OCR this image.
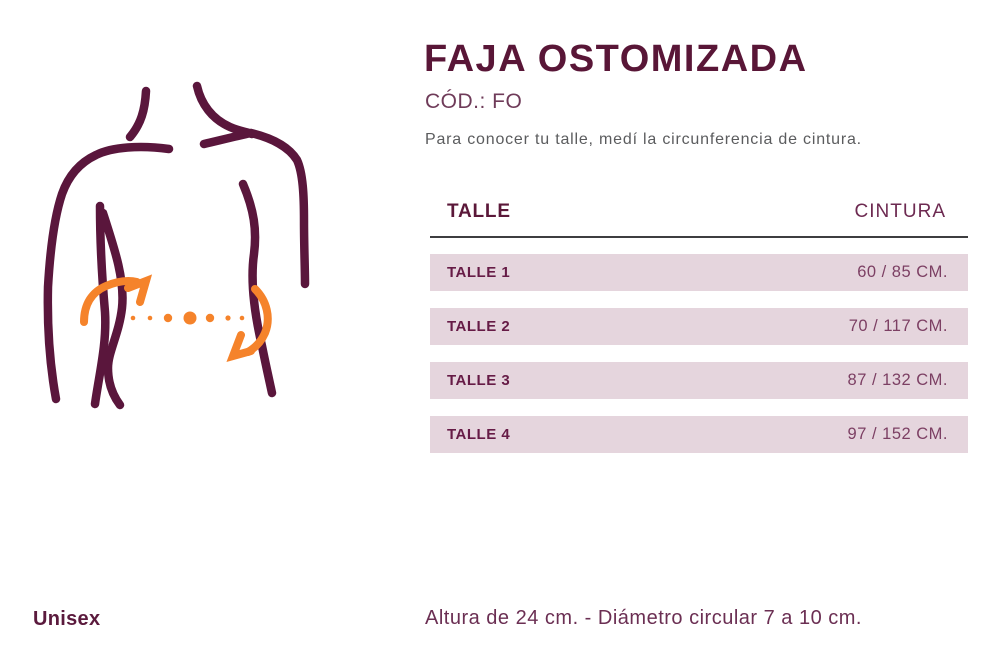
FAJA OSTOMIZADA
CÓD.: FO
Para conocer tu talle, medí la circunferencia de cintura.
TALLE	CINTURA
TALLE 1	60 / 85 CM.
TALLE 2	70 / 117 CM.
TALLE 3	87 / 132 CM.
TALLE 4	97 / 152 CM.
Unisex	Altura de 24 cm. - Diámetro circular 7 a 10 cm.
